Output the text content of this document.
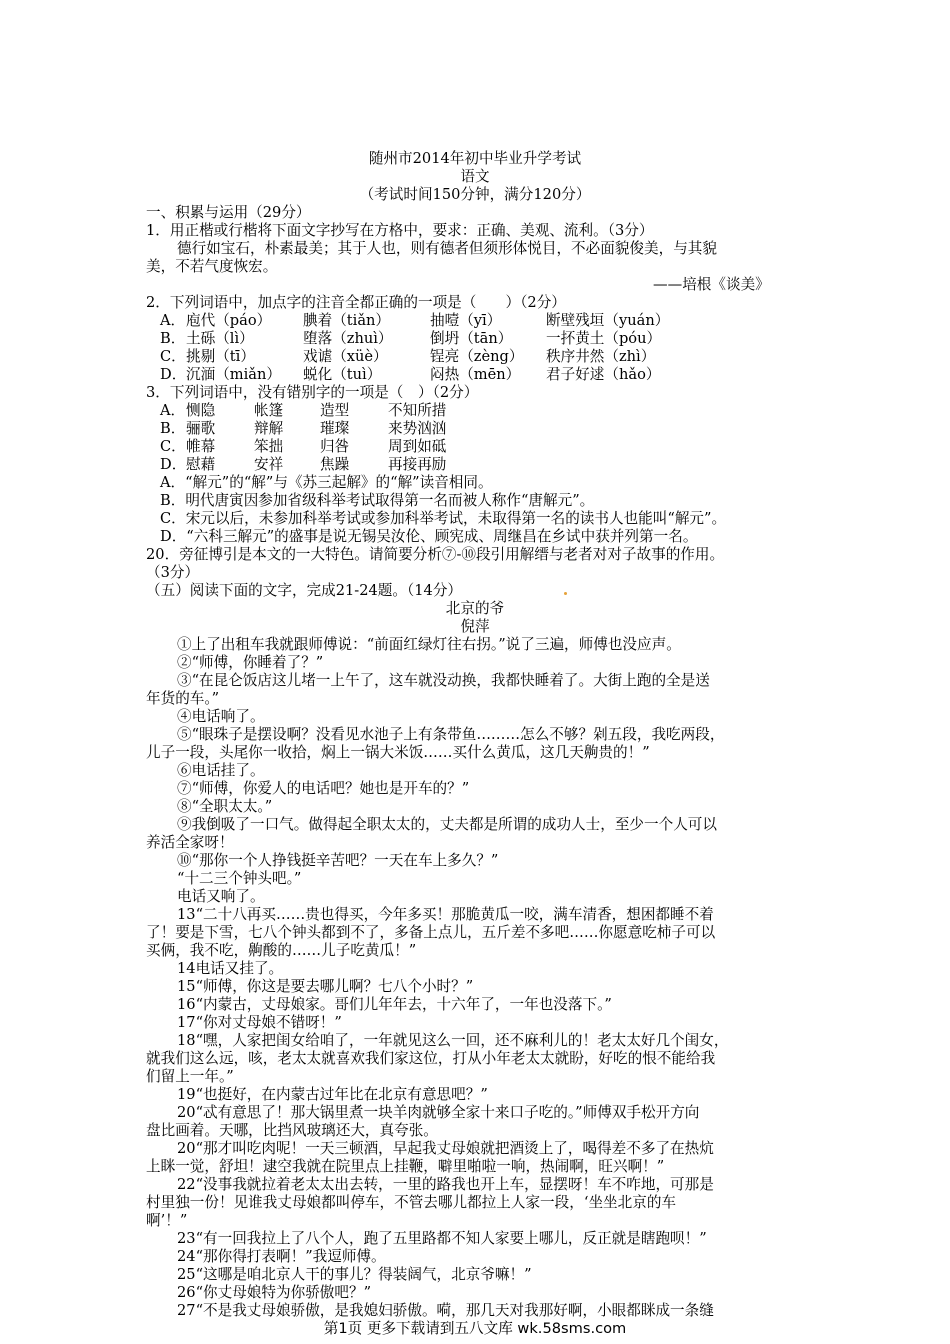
随州市2014年初中毕业升学考试
语文
（考试时间150分钟，满分120分）
一、积累与运用（29分）
1．用正楷或行楷将下面文字抄写在方格中，要求：正确、美观、流利。（3分）
德行如宝石，朴素最美；其于人也，则有德者但须形体悦目，不必面貌俊美，与其貌
美，不若气度恢宏。
——培根《谈美》
2．下列词语中，加点字的注音全都正确的一项是（　　）（2分）
A． 庖代（páo） 腆着（tiǎn）	抽噎（yī）	断壁残垣（yuán）
B． 土砾（lì）	堕落（zhuì）	倒坍（tān） 一抔黄土（póu）
C． 挑剔（tī）	戏谑（xüè）	锃亮（zèng） 秩序井然（zhì）
D． 沉湎（miǎn） 蜕化（tuì）	闷热（mēn） 君子好逑（hǎo）
3．下列词语中，没有错别字的一项是（　）（2分）
A． 恻隐	帐篷	造型	不知所措
B． 骊歌	辩解	璀璨	来势汹汹
C． 帷幕	笨拙	归咎	周到如砥
D． 慰藉	安祥	焦躁	再接再励
A．“解元”的“解”与《苏三起解》的“解”读音相同。
B．明代唐寅因参加省级科举考试取得第一名而被人称作“唐解元”。
C．宋元以后，未参加科举考试或参加科举考试，未取得第一名的读书人也能叫“解元”。
D．“六科三解元”的盛事是说无锡吴汝伦、顾宪成、周继昌在乡试中获并列第一名。
20．旁征博引是本文的一大特色。请简要分析⑦-⑩段引用解缙与老者对对子故事的作用。
（3分）
（五）阅读下面的文字，完成21-24题。（14分）
北京的爷
倪萍
①上了出租车我就跟师傅说：“前面红绿灯往右拐。”说了三遍，师傅也没应声。
②“师傅，你睡着了？”
③“在昆仑饭店这儿堵一上午了，这车就没动换，我都快睡着了。大街上跑的全是送
年货的车。”
④电话响了。
⑤“眼珠子是摆设啊？没看见水池子上有条带鱼………怎么不够？剁五段，我吃两段，
儿子一段，头尾你一收拾，焖上一锅大米饭……买什么黄瓜，这几天齁贵的！”
⑥电话挂了。
⑦“师傅，你爱人的电话吧？她也是开车的？”
⑧“全职太太。”
⑨我倒吸了一口气。做得起全职太太的，丈夫都是所谓的成功人士，至少一个人可以
养活全家呀！
⑩“那你一个人挣钱挺辛苦吧？一天在车上多久？”
“十二三个钟头吧。”
电话又响了。
13“二十八再买……贵也得买，今年多买！那脆黄瓜一咬，满车清香，想困都睡不着
了！要是下雪，七八个钟头都到不了，多备上点儿，五斤差不多吧……你愿意吃柿子可以
买俩，我不吃，齁酸的……儿子吃黄瓜！”
14电话又挂了。
15“师傅，你这是要去哪儿啊？七八个小时？”
16“内蒙古，丈母娘家。哥们儿年年去，十六年了，一年也没落下。”
17“你对丈母娘不错呀！”
18“嘿，人家把闺女给咱了，一年就见这么一回，还不麻利儿的！老太太好几个闺女，
就我们这么远，咳，老太太就喜欢我们家这位，打从小年老太太就盼，好吃的恨不能给我
们留上一年。”
19“也挺好，在内蒙古过年比在北京有意思吧？”
20“忒有意思了！那大锅里煮一块羊肉就够全家十来口子吃的。”师傅双手松开方向
盘比画着。天哪，比挡风玻璃还大，真夸张。
20“那才叫吃肉呢！一天三顿酒，早起我丈母娘就把酒烫上了，喝得差不多了在热炕
上眯一觉，舒坦！逮空我就在院里点上挂鞭，噼里啪啦一响，热闹啊，旺兴啊！”
22“没事我就拉着老太太出去转，一里的路我也开上车，显摆呀！车不咋地，可那是
村里独一份！见谁我丈母娘都叫停车，不管去哪儿都拉上人家一段，‘坐坐北京的车
啊’！”
23“有一回我拉上了八个人，跑了五里路都不知人家要上哪儿，反正就是瞎跑呗！”
24“那你得打表啊！”我逗师傅。
25“这哪是咱北京人干的事儿？得装阔气，北京爷嘛！”
26“你丈母娘特为你骄傲吧？”
27“不是我丈母娘骄傲，是我媳妇骄傲。嗬，那几天对我那好啊，小眼都眯成一条缝
第1页 更多下载请到五八文库 wk.58sms.com
